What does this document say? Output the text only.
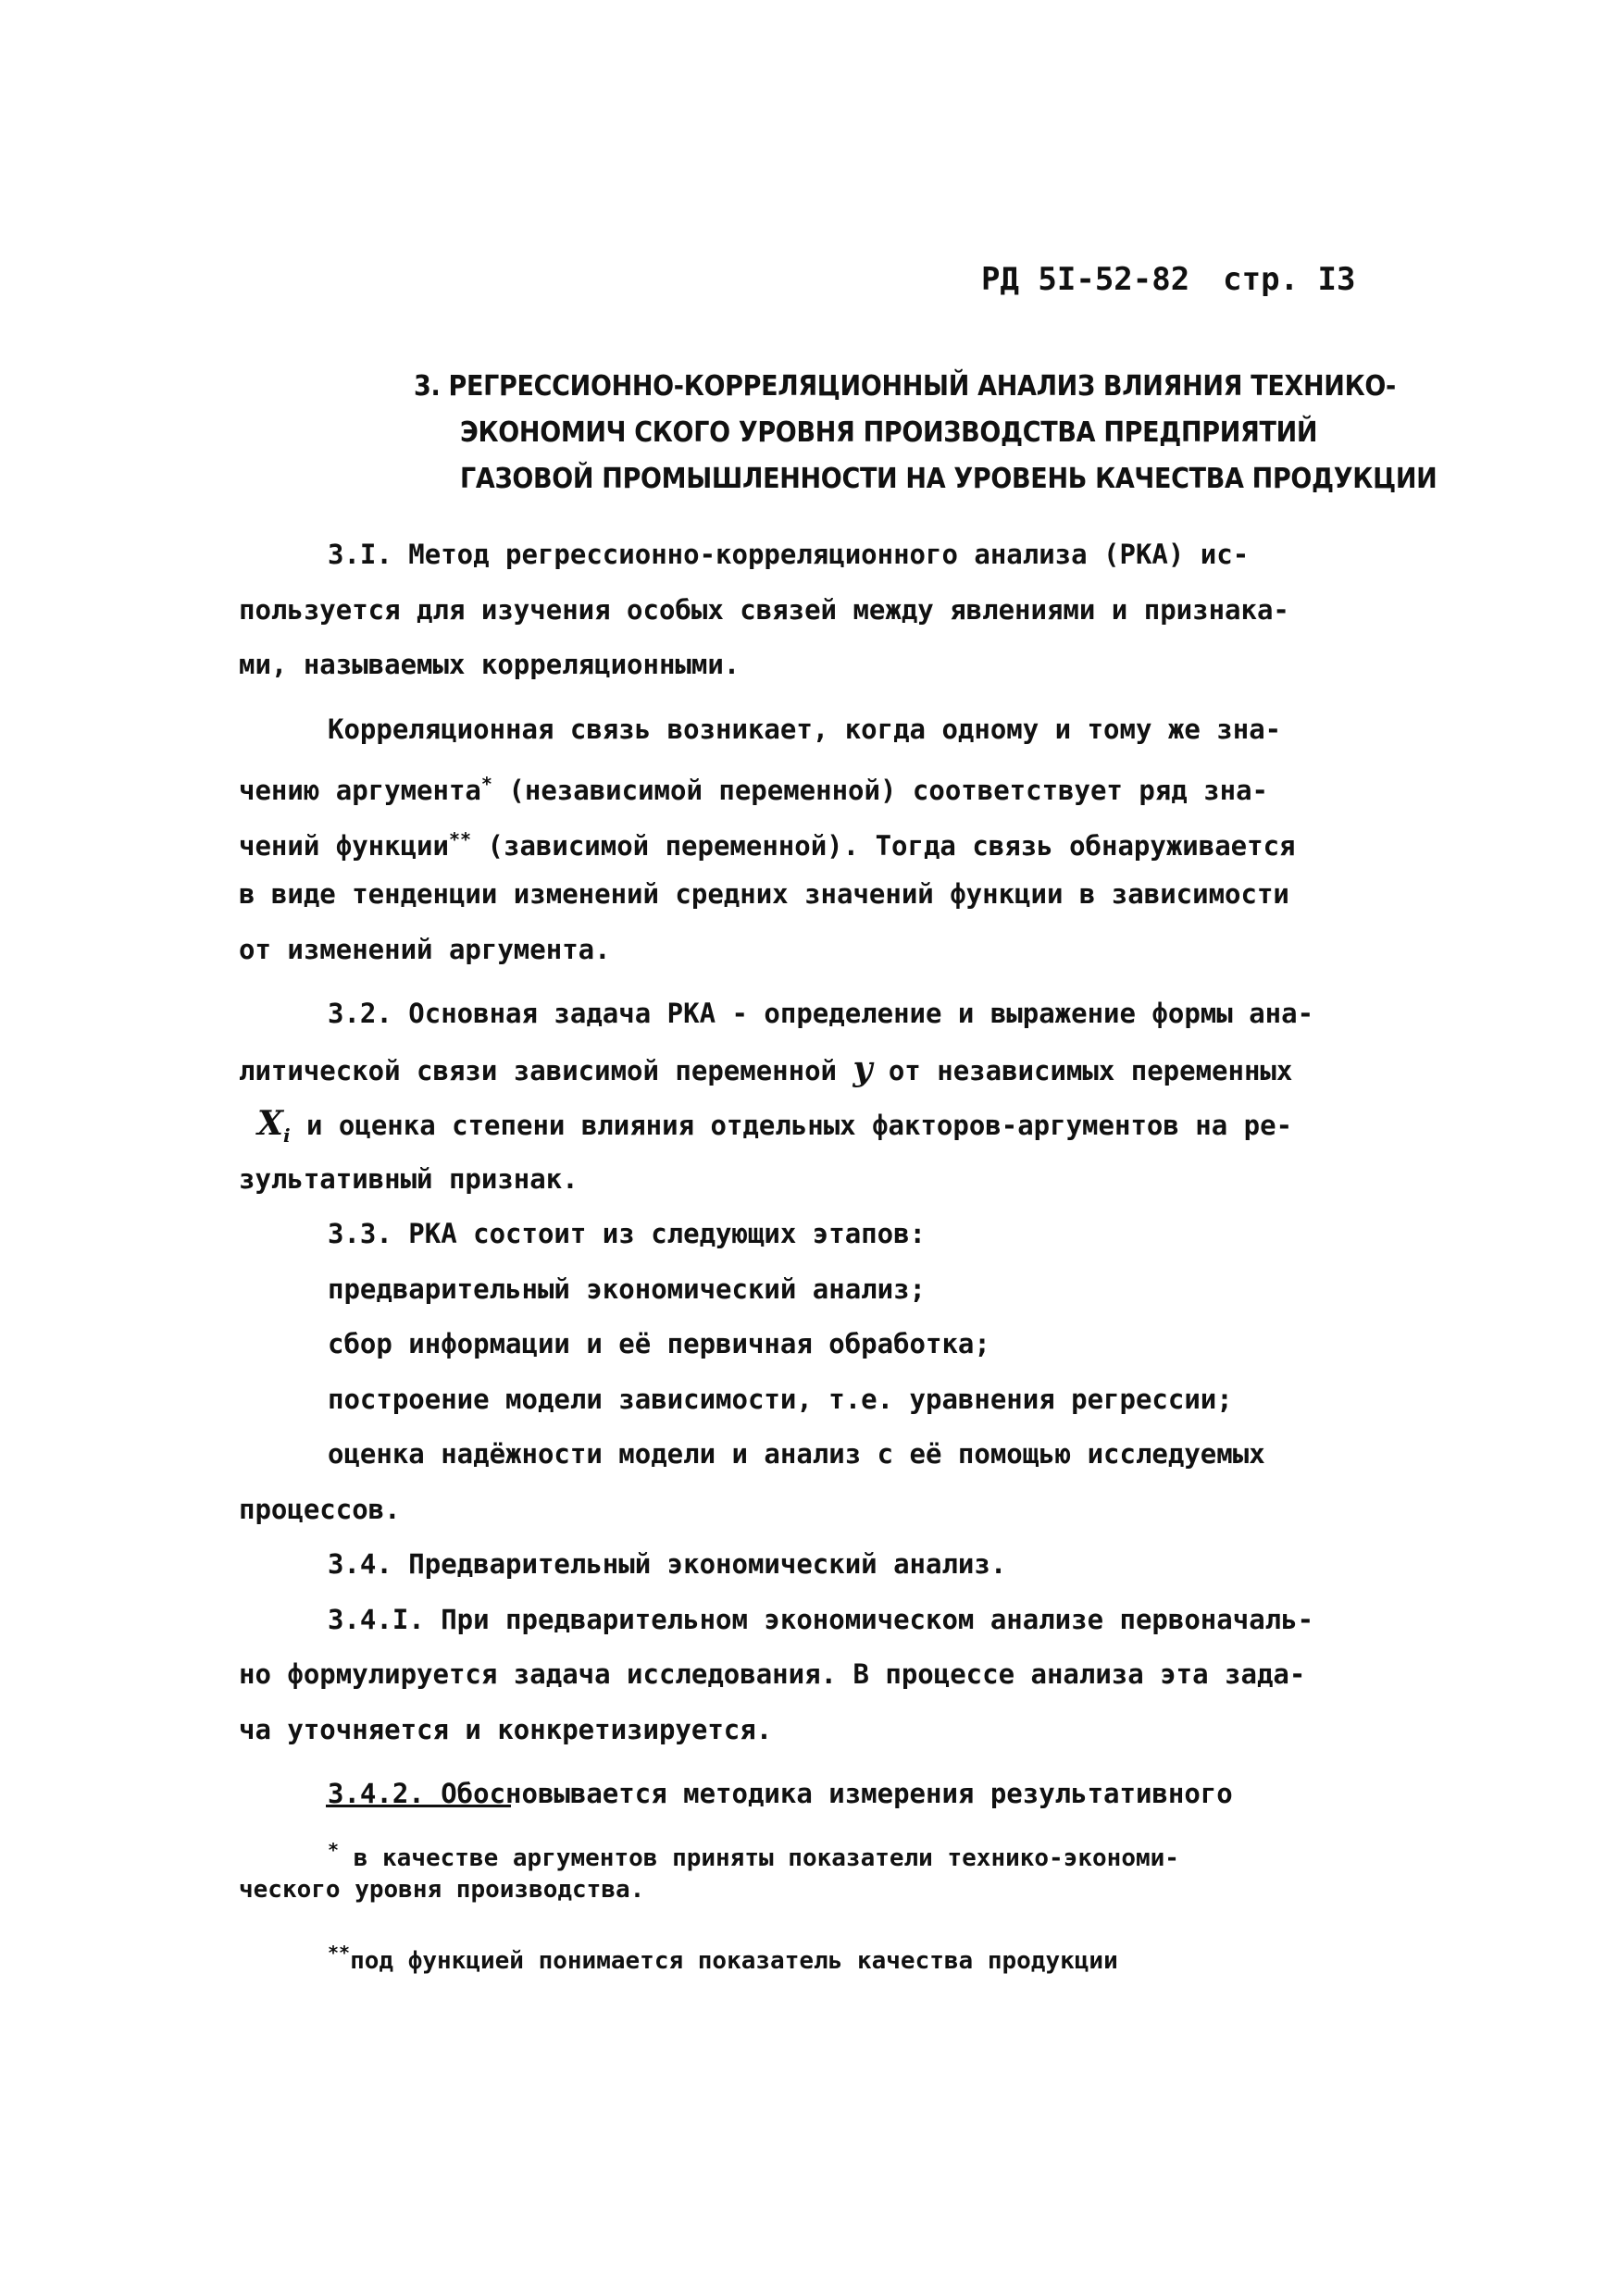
РД 5I-52-82 стр. I3
3. РЕГРЕССИОННО-КОРРЕЛЯЦИОННЫЙ АНАЛИЗ ВЛИЯНИЯ ТЕХНИКО-
ЭКОНОМИЧ СКОГО УРОВНЯ ПРОИЗВОДСТВА ПРЕДПРИЯТИЙ
ГАЗОВОЙ ПРОМЫШЛЕННОСТИ НА УРОВЕНЬ КАЧЕСТВА ПРОДУКЦИИ
3.I. Метод регрессионно-корреляционного анализа (РКА) ис-
пользуется для изучения особых связей между явлениями и признака-
ми, называемых корреляционными.
Корреляционная связь возникает, когда одному и тому же зна-
чению аргумента* (независимой переменной) соответствует ряд зна-
чений функции** (зависимой переменной). Тогда связь обнаруживается
в виде тенденции изменений средних значений функции в зависимости
от изменений аргумента.
3.2. Основная задача РКА - определение и выражение формы ана-
литической связи зависимой переменной y от независимых переменных
$X_i$ и оценка степени влияния отдельных факторов-аргументов на ре-
зультативный признак.
3.3. РКА состоит из следующих этапов:
предварительный экономический анализ;
сбор информации и её первичная обработка;
построение модели зависимости, т.е. уравнения регрессии;
оценка надёжности модели и анализ с её помощью исследуемых
процессов.
3.4. Предварительный экономический анализ.
3.4.I. При предварительном экономическом анализе первоначаль-
но формулируется задача исследования. В процессе анализа эта зада-
ча уточняется и конкретизируется.
3.4.2. Обосновывается методика измерения результативного
* в качестве аргументов приняты показатели технико-экономи-
ческого уровня производства.
**под функцией понимается показатель качества продукции
